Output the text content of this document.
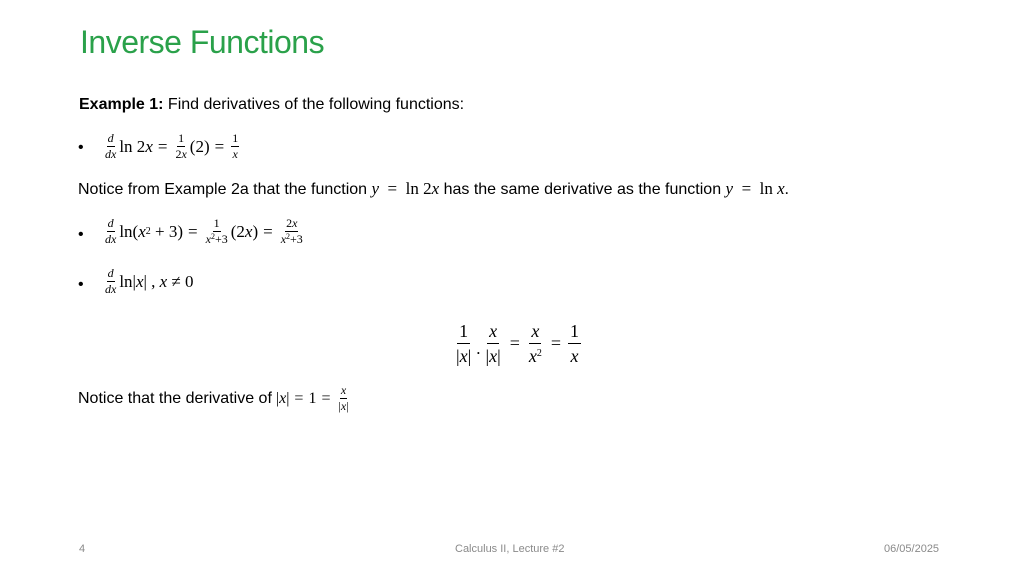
Inverse Functions
Example 1: Find derivatives of the following functions:
• $\frac{d}{dx}$ ln 2 $x = \frac{1}{2x} (2) = \frac{1}{x}$
Notice from Example 2a that the function y  =  ln 2x has the same derivative as the function y  =  ln x.
• $\frac{d}{dx} \ln$( x $2 + 3) = \frac{1}{x^2+3} (2$ x ) = $\frac{2x}{x^2+3}$
• $\frac{d}{dx} \ln|$ x | , x ≠ 0
$\frac{1}{|x|}$ . $\frac{x}{|x|} = \frac{x}{x^2} = \frac{1}{x}$
Notice that the derivative of | x | = $1 = \frac{x}{|x|}$
4	Calculus II, Lecture #2	06/05/2025
